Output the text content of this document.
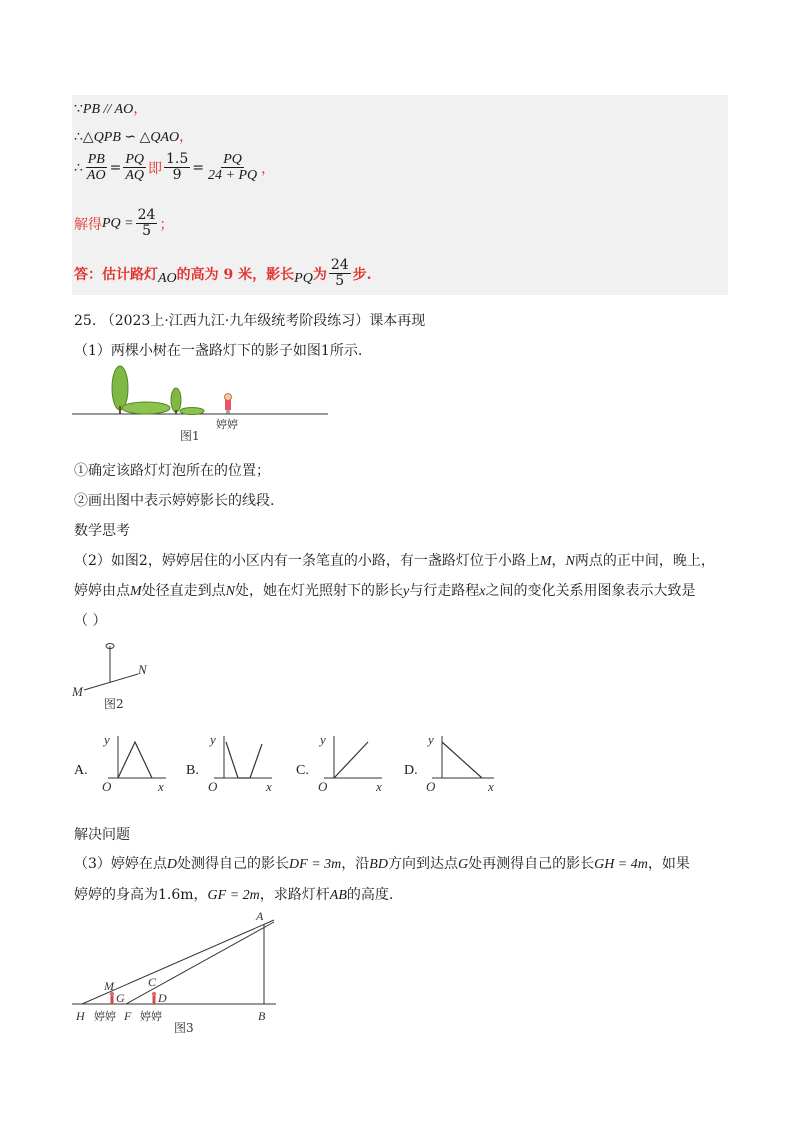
∵PB // AO，
∴△QPB ∽ △QAO，
∴ $\frac{PB}{AO} = \frac{PQ}{AQ}$ 即 $\frac{1.5}{9} = \frac{PQ}{24 + PQ}$ ，
解得 PQ = $\frac{24}{5}$ ；
答：估计路灯 AO 的高为 9 米，影长 PQ 为 $\frac{24}{5}$ 步.
25. （2023上·江西九江·九年级统考阶段练习）课本再现
（1）两棵小树在一盏路灯下的影子如图1所示.
婷婷
图1
①确定该路灯灯泡所在的位置；
②画出图中表示婷婷影长的线段.
数学思考
（2）如图2，婷婷居住的小区内有一条笔直的小路，有一盏路灯位于小路上M，N两点的正中间，晚上，
婷婷由点M处径直走到点N处，她在灯光照射下的影长y与行走路程x之间的变化关系用图象表示大致是
（ ）
N
M
图2
A.
y
x
O
B.
y
x
O
C.
y
x
O
D.
y
x
O
解决问题
（3）婷婷在点D处测得自己的影长DF = 3m，沿BD方向到达点G处再测得自己的影长GH = 4m，如果
婷婷的身高为1.6m，GF = 2m，求路灯杆AB的高度.
A
B
M
G
C
D
H 婷婷 F 婷婷
图3
